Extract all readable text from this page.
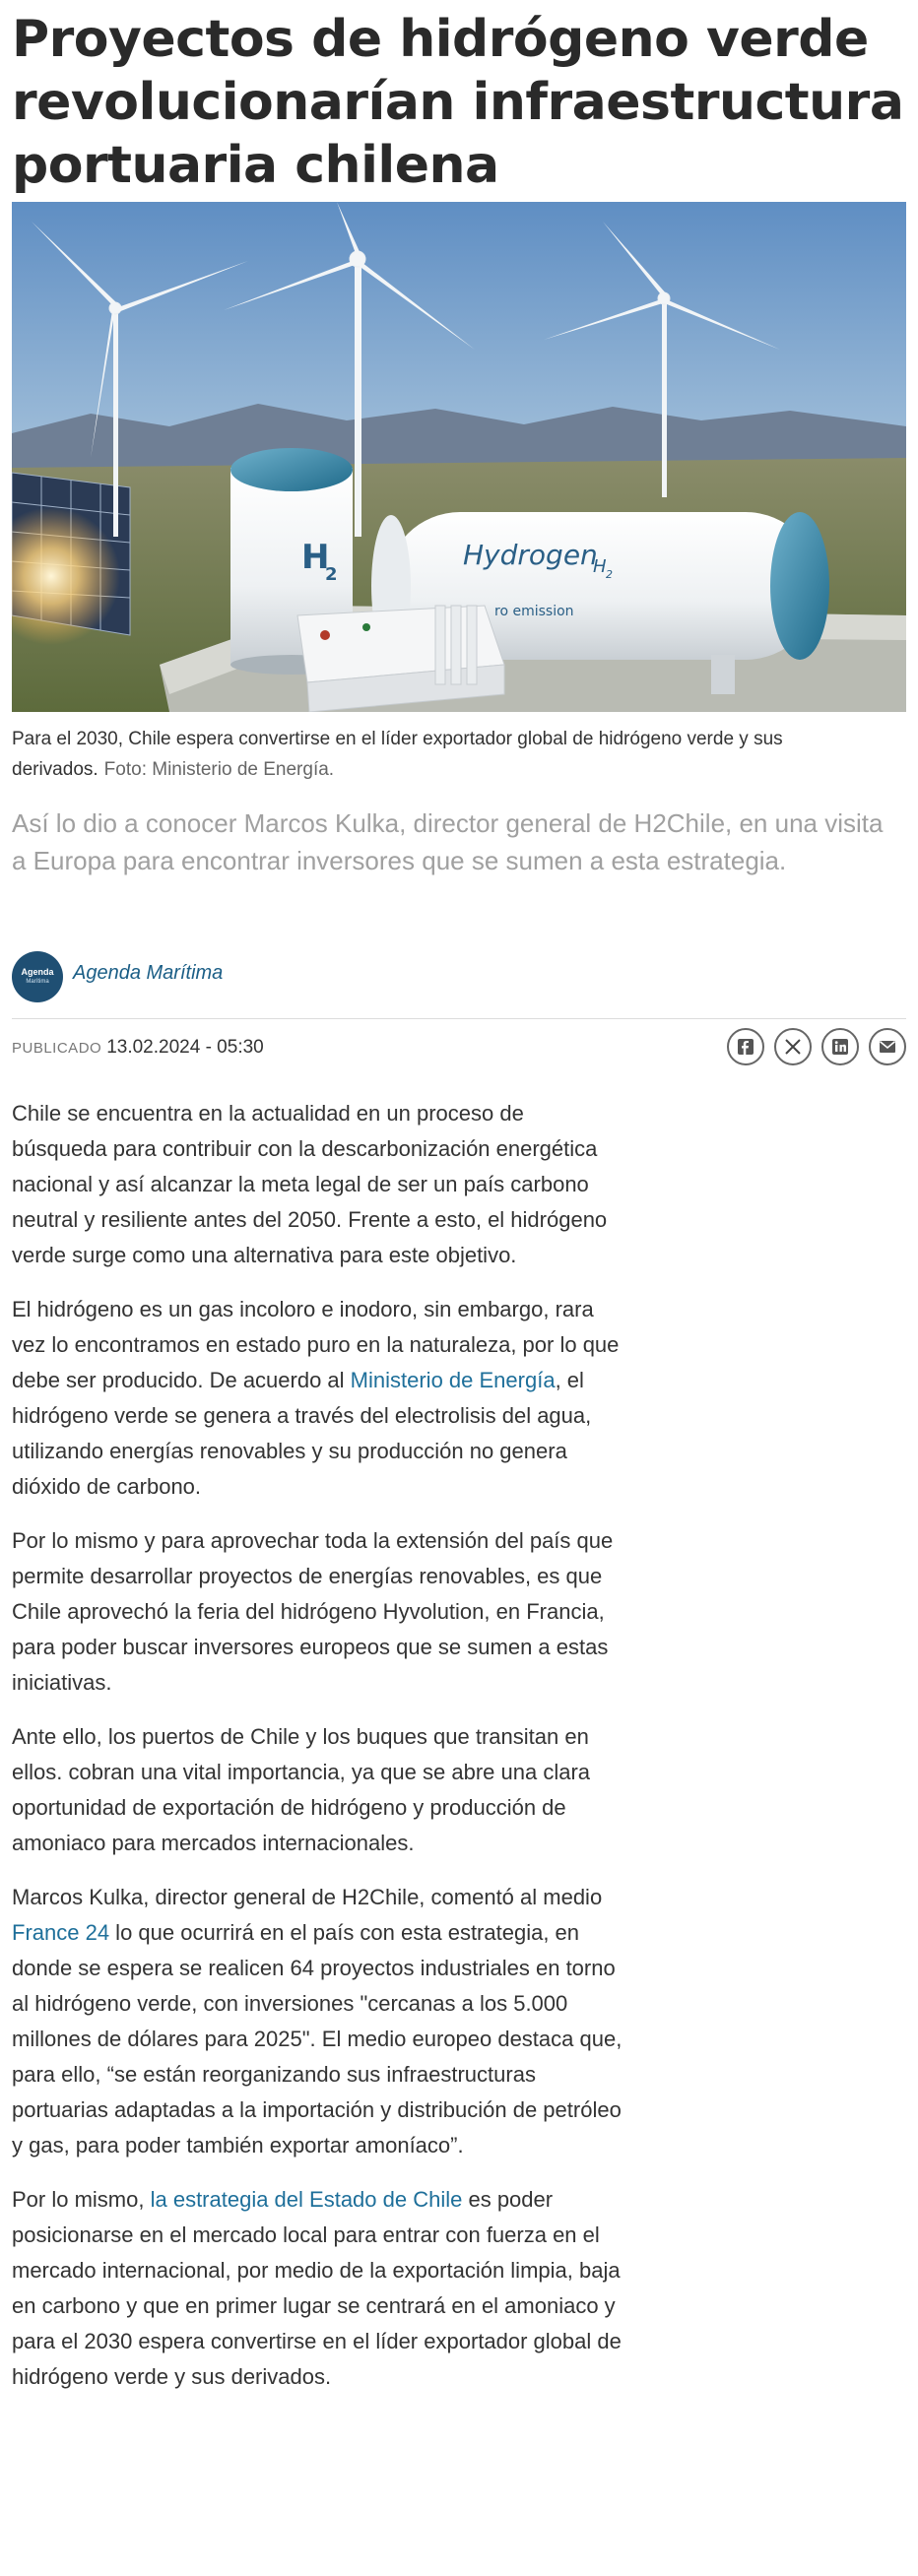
Proyectos de hidrógeno verde
revolucionarían infraestructura
portuaria chilena
H
2
Hydrogen
H 2
ro emission

Para el 2030, Chile espera convertirse en el líder exportador global de hidrógeno verde y sus derivados. Foto: Ministerio de Energía.

Así lo dio a conocer Marcos Kulka, director general de H2Chile, en una visita a Europa para encontrar inversores que se sumen a esta estrategia.

Agenda
Marítima Agenda Marítima
PUBLICADO 13.02.2024 - 05:30

Chile se encuentra en la actualidad en un proceso de búsqueda para contribuir con la descarbonización energética nacional y así alcanzar la meta legal de ser un país carbono neutral y resiliente antes del 2050. Frente a esto, el hidrógeno verde surge como una alternativa para este objetivo.

El hidrógeno es un gas incoloro e inodoro, sin embargo, rara vez lo encontramos en estado puro en la naturaleza, por lo que debe ser producido. De acuerdo al Ministerio de Energía, el hidrógeno verde se genera a través del electrolisis del agua, utilizando energías renovables y su producción no genera dióxido de carbono.

Por lo mismo y para aprovechar toda la extensión del país que permite desarrollar proyectos de energías renovables, es que Chile aprovechó la feria del hidrógeno Hyvolution, en Francia, para poder buscar inversores europeos que se sumen a estas iniciativas.

Ante ello, los puertos de Chile y los buques que transitan en ellos. cobran una vital importancia, ya que se abre una clara oportunidad de exportación de hidrógeno y producción de amoniaco para mercados internacionales.

Marcos Kulka, director general de H2Chile, comentó al medio France 24 lo que ocurrirá en el país con esta estrategia, en donde se espera se realicen 64 proyectos industriales en torno al hidrógeno verde, con inversiones "cercanas a los 5.000 millones de dólares para 2025". El medio europeo destaca que, para ello, “se están reorganizando sus infraestructuras portuarias adaptadas a la importación y distribución de petróleo y gas, para poder también exportar amoníaco”.

Por lo mismo, la estrategia del Estado de Chile es poder posicionarse en el mercado local para entrar con fuerza en el mercado internacional, por medio de la exportación limpia, baja en carbono y que en primer lugar se centrará en el amoniaco y para el 2030 espera convertirse en el líder exportador global de hidrógeno verde y sus derivados.
